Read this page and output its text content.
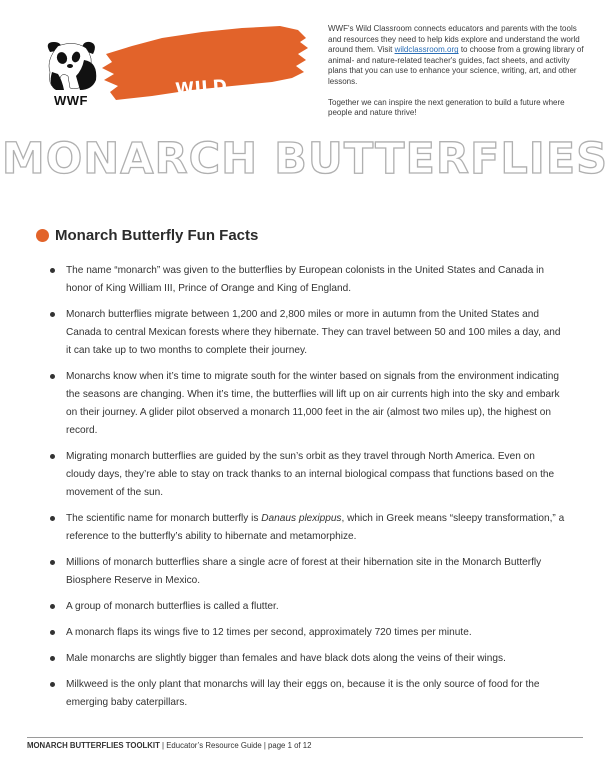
WWF
WILD CLASSROOM

WWF's Wild Classroom connects educators and parents with the tools and resources they need to help kids explore and understand the world around them. Visit wildclassroom.org to choose from a growing library of animal- and nature-related teacher's guides, fact sheets, and activity plans that you can use to enhance your science, writing, art, and other lessons.

Together we can inspire the next generation to build a future where people and nature thrive!

MONARCH BUTTERFLIES
Monarch Butterfly Fun Facts
The name “monarch” was given to the butterflies by European colonists in the United States and Canada in honor of King William III, Prince of Orange and King of England.
Monarch butterflies migrate between 1,200 and 2,800 miles or more in autumn from the United States and Canada to central Mexican forests where they hibernate. They can travel between 50 and 100 miles a day, and it can take up to two months to complete their journey.
Monarchs know when it’s time to migrate south for the winter based on signals from the environment indicating the seasons are changing. When it’s time, the butterflies will lift up on air currents high into the sky and embark on their journey. A glider pilot observed a monarch 11,000 feet in the air (almost two miles up), the highest on record.
Migrating monarch butterflies are guided by the sun’s orbit as they travel through North America. Even on cloudy days, they’re able to stay on track thanks to an internal biological compass that functions based on the movement of the sun.
The scientific name for monarch butterfly is Danaus plexippus, which in Greek means “sleepy transformation,” a reference to the butterfly’s ability to hibernate and metamorphize.
Millions of monarch butterflies share a single acre of forest at their hibernation site in the Monarch Butterfly Biosphere Reserve in Mexico.
A group of monarch butterflies is called a flutter.
A monarch flaps its wings five to 12 times per second, approximately 720 times per minute.
Male monarchs are slightly bigger than females and have black dots along the veins of their wings.
Milkweed is the only plant that monarchs will lay their eggs on, because it is the only source of food for the emerging baby caterpillars.
MONARCH BUTTERFLIES TOOLKIT | Educator’s Resource Guide | page 1 of 12
